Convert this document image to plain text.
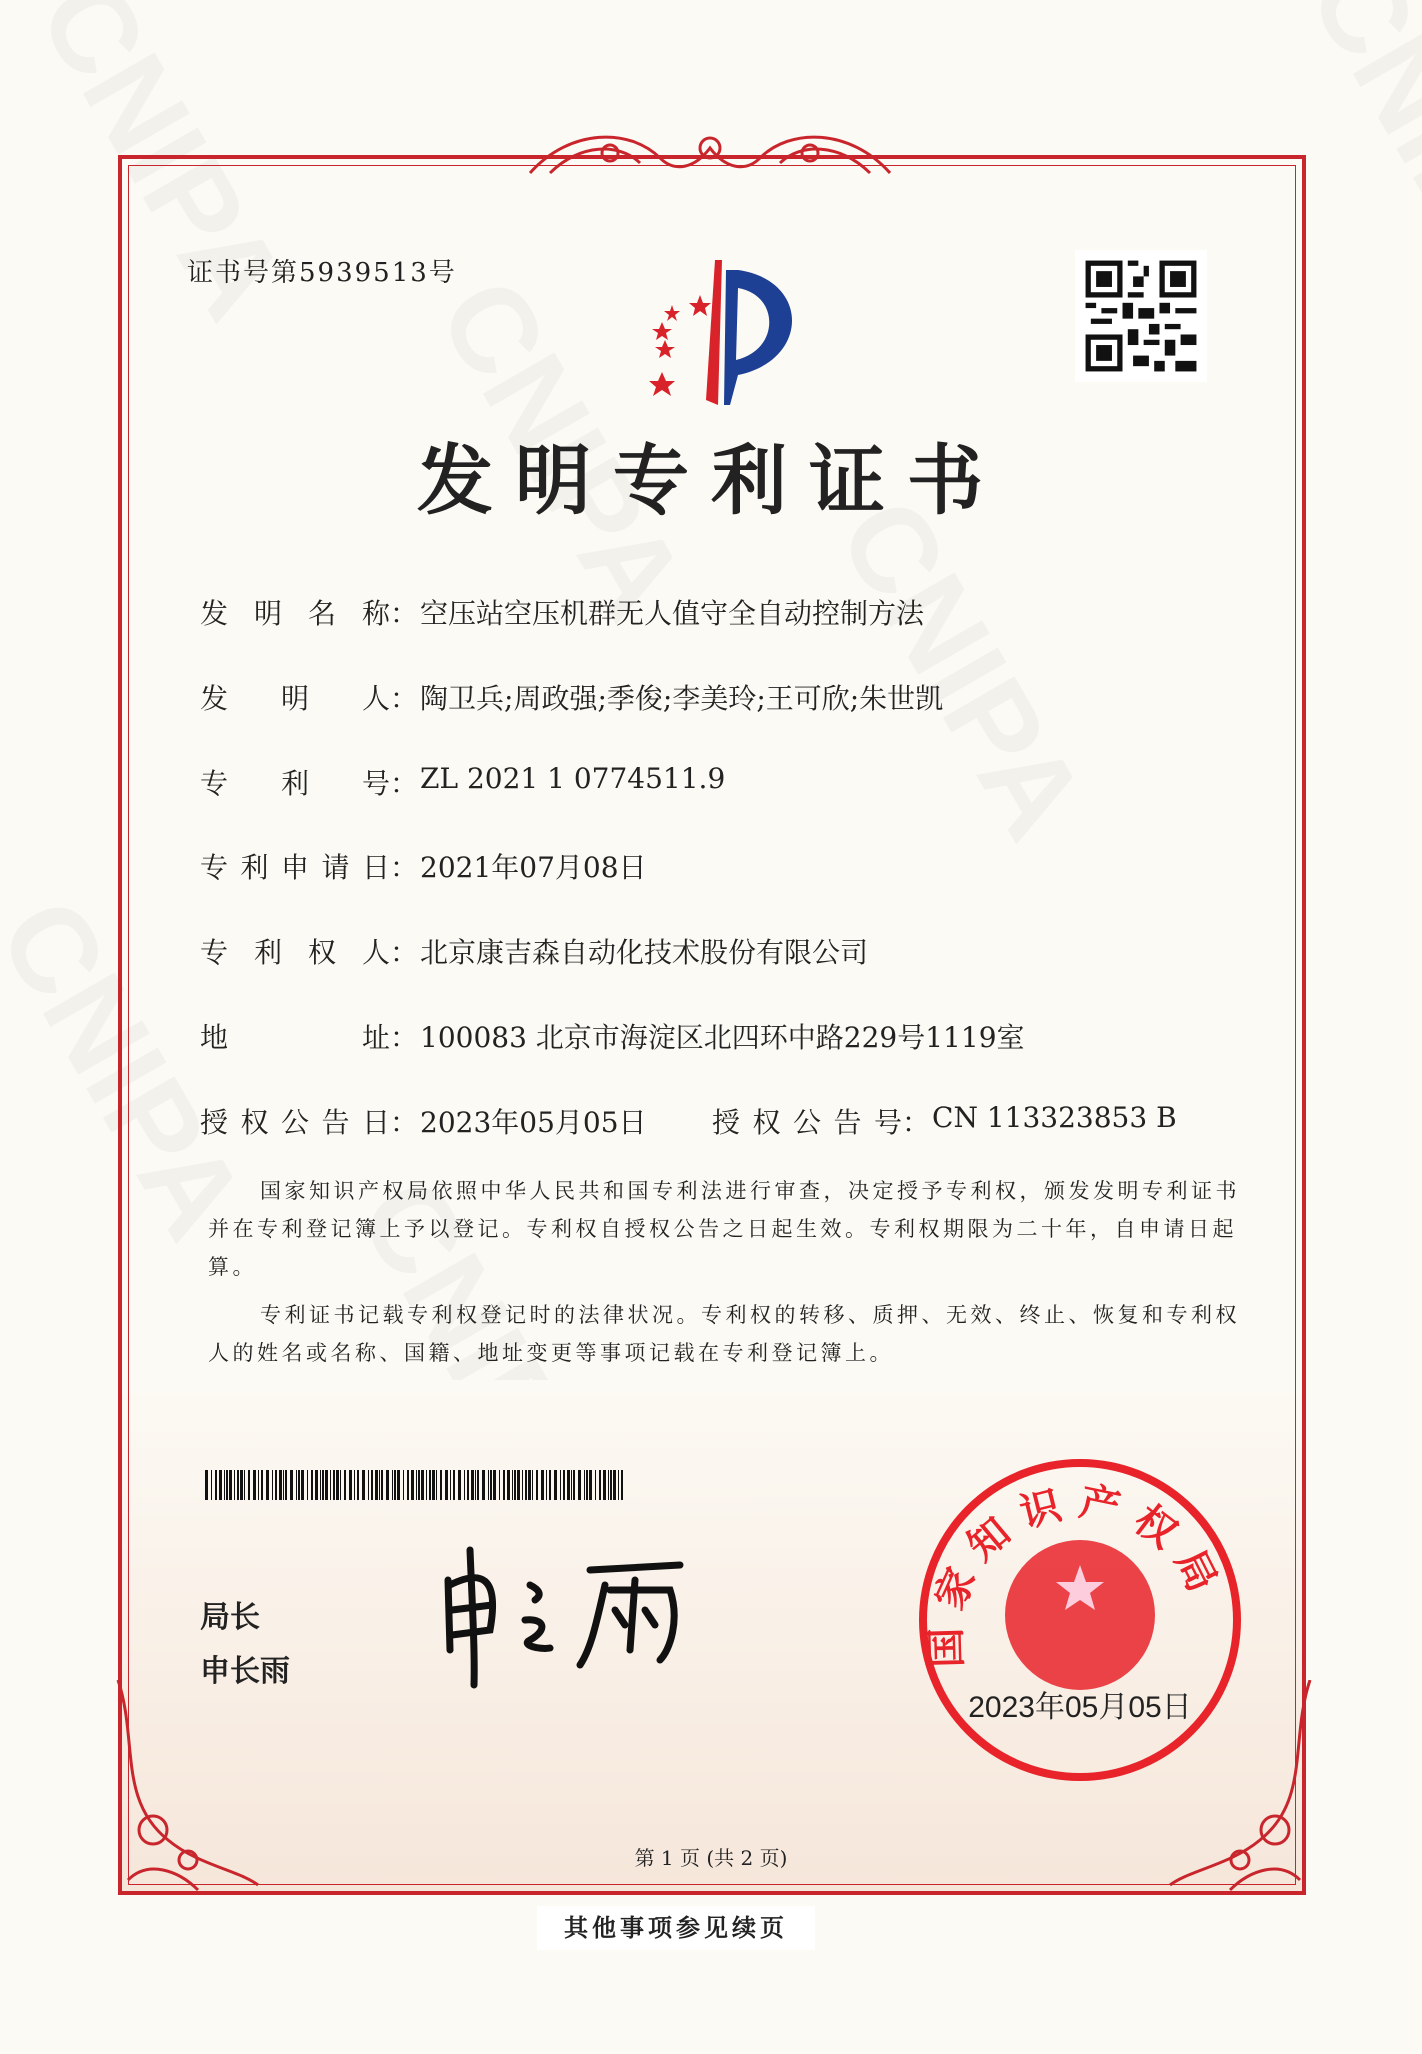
证书号第5939513号
发明专利证书
发 明 名 称 ： 空压站空压机群无人值守全自动控制方法
发 明 人 ： 陶卫兵;周政强;季俊;李美玲;王可欣;朱世凯
专 利 号 ： ZL 2021 1 0774511.9
专 利 申 请 日 ： 2021年07月08日
专 利 权 人 ： 北京康吉森自动化技术股份有限公司
地	址 ： 100083 北京市海淀区北四环中路229号1119室
授 权 公 告 日 ： 2023年05月05日 授 权 公 告 号 ： CN 113323853 B
国家知识产权局依照中华人民共和国专利法进行审查，决定授予专利权，颁发发明专利证书并在专利登记簿上予以登记。专利权自授权公告之日起生效。专利权期限为二十年，自申请日起算。
专利证书记载专利权登记时的法律状况。专利权的转移、质押、无效、终止、恢复和专利权人的姓名或名称、国籍、地址变更等事项记载在专利登记簿上。
局长
申长雨
国家知识产权局
2023年05月05日
第 1 页 (共 2 页)
其他事项参见续页
